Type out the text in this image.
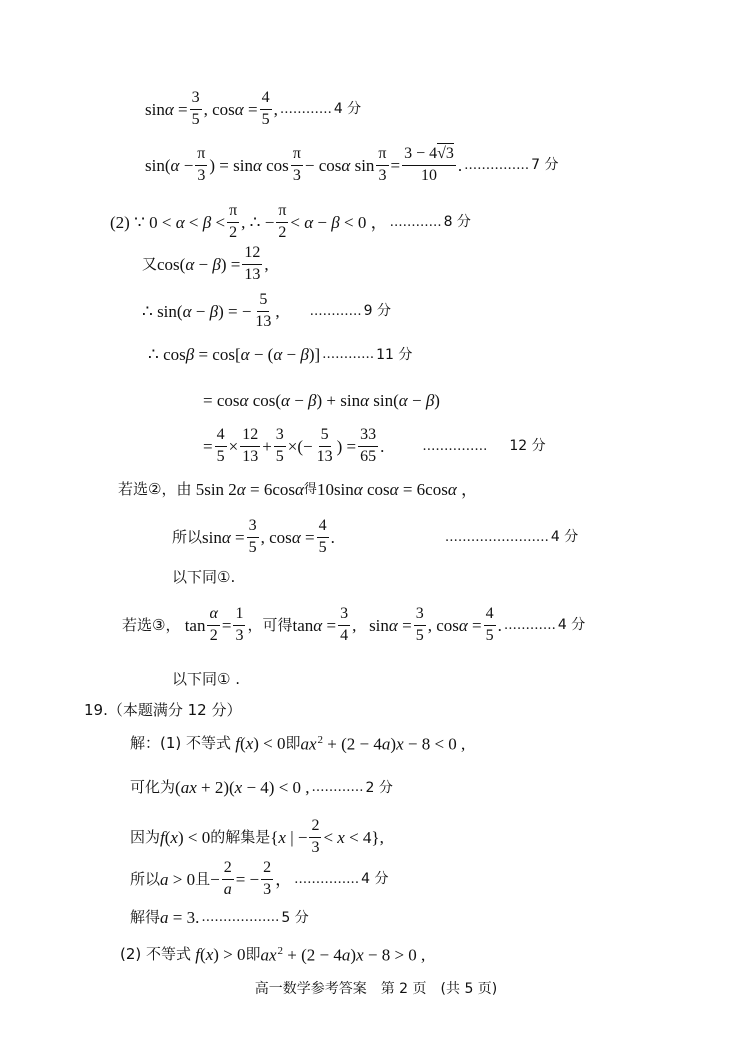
$\sin\alpha = \frac{3}{5}$ , $\cos\alpha = \frac{4}{5}$ , ………… 4 分
$\sin(\alpha - \frac{\pi}{3}$ ) = sinα $\cos \frac{\pi}{3} - \cos\alpha$ $\sin \frac{\pi}{3} = \frac{3 - 4√3}{10}$ . …………… 7 分
(2) ∵ $0 < \alpha < \beta < \frac{\pi}{2}$ , ∴ − $\frac{\pi}{2} < \alpha - \beta < 0$ ， ………… 8 分
又 $\cos(\alpha - \beta) = \frac{12}{13}$ ,
∴ sin(α − β) = − $\frac{5}{13}$ , ………… 9 分
∴ cosβ = cos[α − (α − β)] ………… 11 分
= cosα cos(α − β) + sinα sin(α − β)
= $\frac{4}{5} \times \frac{12}{13} + \frac{3}{5}$ ×(− $\frac{5}{13}$ ) = $\frac{33}{65}$ .	…………… 12 分
若选②，由 5sin 2α = 6cosα 得 10sinα cosα = 6cosα ，
所以 $\sin\alpha = \frac{3}{5}$ , $\cos\alpha = \frac{4}{5}$ .	…………………… 4 分
以下同①.
若选③， $\tan \frac{\alpha}{2} = \frac{1}{3}$ ，可得 $\tan\alpha = \frac{3}{4}$ ,   $\sin\alpha = \frac{3}{5}$ , $\cos\alpha = \frac{4}{5}$ . ………… 4 分
以下同① .
19.（本题满分 12 分）
解：(1) 不等式 f(x) < 0 即 $ax^2 + (2 - 4a)x - 8 < 0$ ,
可化为 (ax + 2)(x − 4) < 0 , ………… 2 分
因为 f(x) < 0 的解集是 {x | − $\frac{2}{3} < x < 4$},
所以 a > 0 且 − $\frac{2}{a}$ = − $\frac{2}{3}$ ， …………… 4 分
解得 a = 3. ……………… 5 分
(2) 不等式 f(x) > 0 即 $ax^2 + (2 - 4a)x - 8 > 0$ ,
高一数学参考答案　第 2 页　(共 5 页)
